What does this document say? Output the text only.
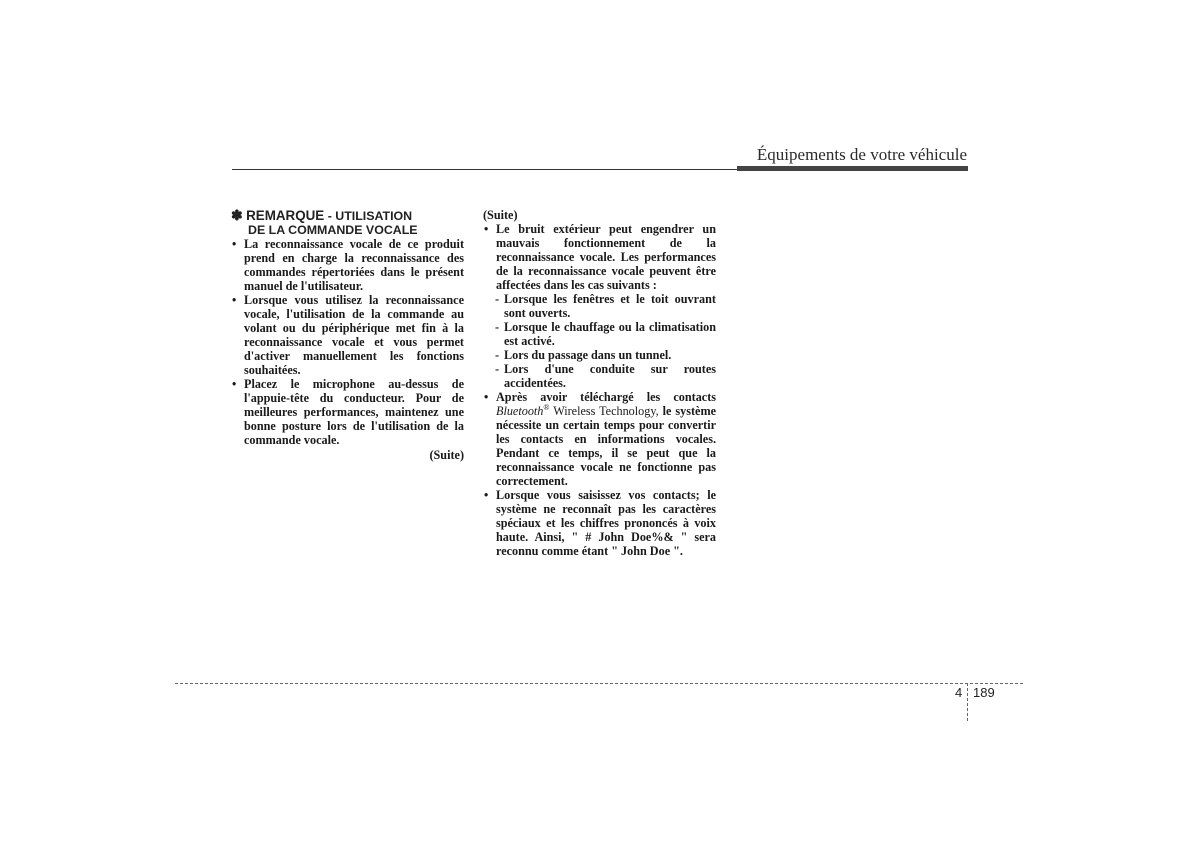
Équipements de votre véhicule
✽ REMARQUE - UTILISATION
DE LA COMMANDE VOCALE
• La reconnaissance vocale de ce produit prend en charge la reconnaissance des commandes répertoriées dans le présent manuel de l'utilisateur.
• Lorsque vous utilisez la reconnaissance vocale, l'utilisation de la commande au volant ou du périphérique met fin à la reconnaissance vocale et vous permet d'activer manuellement les fonctions souhaitées.
• Placez le microphone au-dessus de l'appuie-tête du conducteur. Pour de meilleures performances, maintenez une bonne posture lors de l'utilisation de la commande vocale.
(Suite)
(Suite)
• Le bruit extérieur peut engendrer un mauvais fonctionnement de la reconnaissance vocale. Les performances de la reconnaissance vocale peuvent être affectées dans les cas suivants :
- Lorsque les fenêtres et le toit ouvrant sont ouverts.
- Lorsque le chauffage ou la climatisation est activé.
- Lors du passage dans un tunnel.
- Lors d'une conduite sur routes accidentées.
• Après avoir téléchargé les contacts Bluetooth® Wireless Technology, le système nécessite un certain temps pour convertir les contacts en informations vocales. Pendant ce temps, il se peut que la reconnaissance vocale ne fonctionne pas correctement.
• Lorsque vous saisissez vos contacts; le système ne reconnaît pas les caractères spéciaux et les chiffres prononcés à voix haute. Ainsi, " # John Doe%& " sera reconnu comme étant " John Doe ".
4 189
